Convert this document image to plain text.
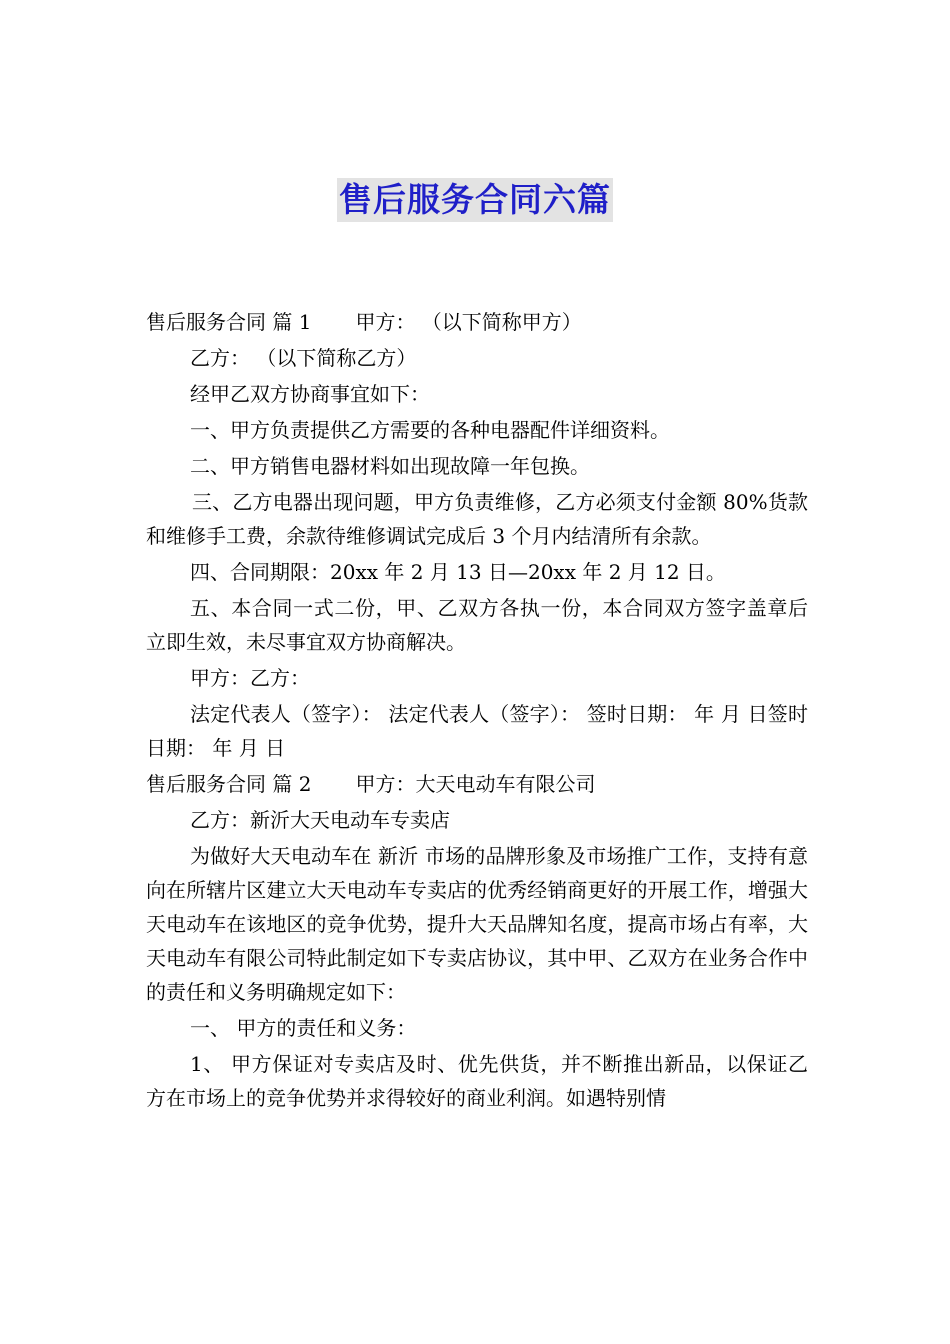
售后服务合同六篇

售后服务合同 篇 1 甲方： （以下简称甲方）

乙方： （以下简称乙方）

经甲乙双方协商事宜如下：

一、甲方负责提供乙方需要的各种电器配件详细资料。

二、甲方销售电器材料如出现故障一年包换。

三、乙方电器出现问题，甲方负责维修，乙方必须支付金额 80%货款和维修手工费，余款待维修调试完成后 3 个月内结清所有余款。

四、合同期限：20xx 年 2 月 13 日—20xx 年 2 月 12 日。

五、本合同一式二份，甲、乙双方各执一份，本合同双方签字盖章后立即生效，未尽事宜双方协商解决。

甲方：乙方：

法定代表人（签字）： 法定代表人（签字）： 签时日期： 年 月 日签时日期： 年 月 日

售后服务合同 篇 2 甲方：大天电动车有限公司

乙方：新沂大天电动车专卖店

为做好大天电动车在 新沂 市场的品牌形象及市场推广工作，支持有意向在所辖片区建立大天电动车专卖店的优秀经销商更好的开展工作，增强大天电动车在该地区的竞争优势，提升大天品牌知名度，提高市场占有率，大天电动车有限公司特此制定如下专卖店协议，其中甲、乙双方在业务合作中的责任和义务明确规定如下：

一、 甲方的责任和义务：

1、 甲方保证对专卖店及时、优先供货，并不断推出新品，以保证乙方在市场上的竞争优势并求得较好的商业利润。如遇特别情
